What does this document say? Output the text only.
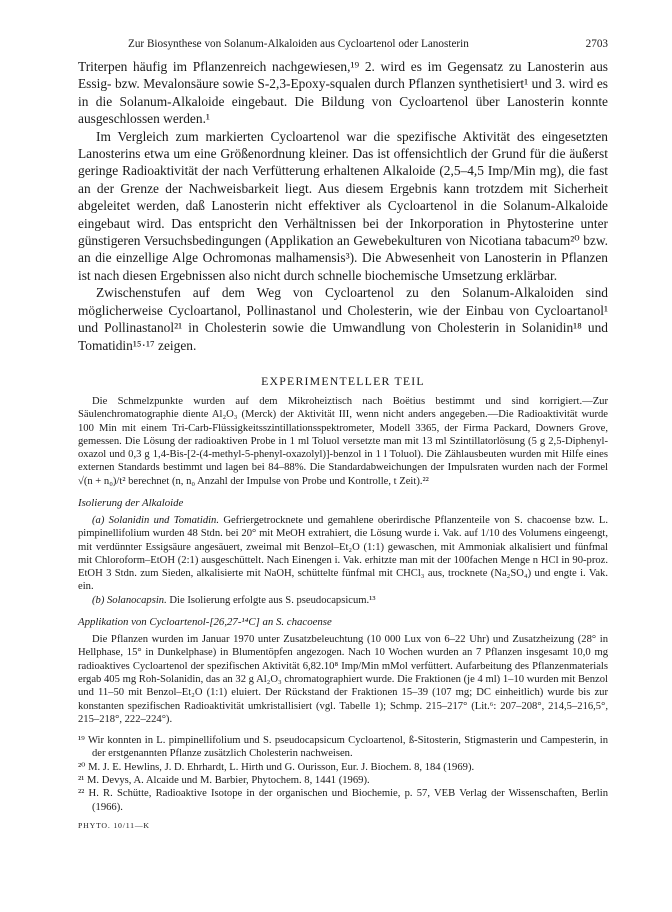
Zur Biosynthese von Solanum-Alkaloiden aus Cycloartenol oder Lanosterin	2703

Triterpen häufig im Pflanzenreich nachgewiesen,¹⁹ 2. wird es im Gegensatz zu Lanosterin aus Essig- bzw. Mevalonsäure sowie S-2,3-Epoxy-squalen durch Pflanzen synthetisiert¹ und 3. wird es in die Solanum-Alkaloide eingebaut. Die Bildung von Cycloartenol über Lanosterin konnte ausgeschlossen werden.¹

Im Vergleich zum markierten Cycloartenol war die spezifische Aktivität des eingesetzten Lanosterins etwa um eine Größenordnung kleiner. Das ist offensichtlich der Grund für die äußerst geringe Radioaktivität der nach Verfütterung erhaltenen Alkaloide (2,5–4,5 Imp/Min mg), die fast an der Grenze der Nachweisbarkeit liegt. Aus diesem Ergebnis kann trotzdem mit Sicherheit abgeleitet werden, daß Lanosterin nicht effektiver als Cycloartenol in die Solanum-Alkaloide eingebaut wird. Das entspricht den Verhältnissen bei der Inkorporation in Phytosterine unter günstigeren Versuchsbedingungen (Applikation an Gewebekulturen von Nicotiana tabacum²⁰ bzw. an die einzellige Alge Ochromonas malhamensis³). Die Abwesenheit von Lanosterin in Pflanzen ist nach diesen Ergebnissen also nicht durch schnelle biochemische Umsetzung erklärbar.

Zwischenstufen auf dem Weg von Cycloartenol zu den Solanum-Alkaloiden sind möglicherweise Cycloartanol, Pollinastanol und Cholesterin, wie der Einbau von Cycloartanol¹ und Pollinastanol²¹ in Cholesterin sowie die Umwandlung von Cholesterin in Solanidin¹⁸ und Tomatidin¹⁵·¹⁷ zeigen.

EXPERIMENTELLER TEIL

Die Schmelzpunkte wurden auf dem Mikroheiztisch nach Boëtius bestimmt und sind korrigiert.—Zur Säulenchromatographie diente Al₂O₃ (Merck) der Aktivität III, wenn nicht anders angegeben.—Die Radioaktivität wurde 100 Min mit einem Tri-Carb-Flüssigkeitsszintillationsspektrometer, Modell 3365, der Firma Packard, Downers Grove, gemessen. Die Lösung der radioaktiven Probe in 1 ml Toluol versetzte man mit 13 ml Szintillatorlösung (5 g 2,5-Diphenyl-oxazol und 0,3 g 1,4-Bis-[2-(4-methyl-5-phenyl-oxazolyl)]-benzol in 1 l Toluol). Die Zählausbeuten wurden mit Hilfe eines externen Standards bestimmt und lagen bei 84–88%. Die Standardabweichungen der Impulsraten wurden nach der Formel √(n + n₀)/t² berechnet (n, n₀ Anzahl der Impulse von Probe und Kontrolle, t Zeit).²²

Isolierung der Alkaloide
(a) Solanidin und Tomatidin. Gefriergetrocknete und gemahlene oberirdische Pflanzenteile von S. chacoense bzw. L. pimpinellifolium wurden 48 Stdn. bei 20° mit MeOH extrahiert, die Lösung wurde i. Vak. auf 1/10 des Volumens eingeengt, mit verdünnter Essigsäure angesäuert, zweimal mit Benzol–Et₂O (1:1) gewaschen, mit Ammoniak alkalisiert und fünfmal mit Chloroform–EtOH (2:1) ausgeschüttelt. Nach Einengen i. Vak. erhitzte man mit der 100fachen Menge n HCl in 90-proz. EtOH 3 Stdn. zum Sieden, alkalisierte mit NaOH, schüttelte fünfmal mit CHCl₃ aus, trocknete (Na₂SO₄) und engte i. Vak. ein.
(b) Solanocapsin. Die Isolierung erfolgte aus S. pseudocapsicum.¹³
Applikation von Cycloartenol-[26,27-¹⁴C] an S. chacoense

Die Pflanzen wurden im Januar 1970 unter Zusatzbeleuchtung (10 000 Lux von 6–22 Uhr) und Zusatzheizung (28° in Hellphase, 15° in Dunkelphase) in Blumentöpfen angezogen. Nach 10 Wochen wurden an 7 Pflanzen insgesamt 10,0 mg radioaktives Cycloartenol der spezifischen Aktivität 6,82.10⁸ Imp/Min mMol verfüttert. Aufarbeitung des Pflanzenmaterials ergab 405 mg Roh-Solanidin, das an 32 g Al₂O₃ chromatographiert wurde. Die Fraktionen (je 4 ml) 1–10 wurden mit Benzol und 11–50 mit Benzol–Et₂O (1:1) eluiert. Der Rückstand der Fraktionen 15–39 (107 mg; DC einheitlich) wurde bis zur konstanten spezifischen Radioaktivität umkristallisiert (vgl. Tabelle 1); Schmp. 215–217° (Lit.⁶: 207–208°, 214,5–216,5°, 215–218°, 222–224°).

¹⁹ Wir konnten in L. pimpinellifolium und S. pseudocapsicum Cycloartenol, ß-Sitosterin, Stigmasterin und Campesterin, in der erstgenannten Pflanze zusätzlich Cholesterin nachweisen.
²⁰ M. J. E. Hewlins, J. D. Ehrhardt, L. Hirth und G. Ourisson, Eur. J. Biochem. 8, 184 (1969).
²¹ M. Devys, A. Alcaide und M. Barbier, Phytochem. 8, 1441 (1969).
²² H. R. Schütte, Radioaktive Isotope in der organischen und Biochemie, p. 57, VEB Verlag der Wissenschaften, Berlin (1966).
PHYTO. 10/11—K
